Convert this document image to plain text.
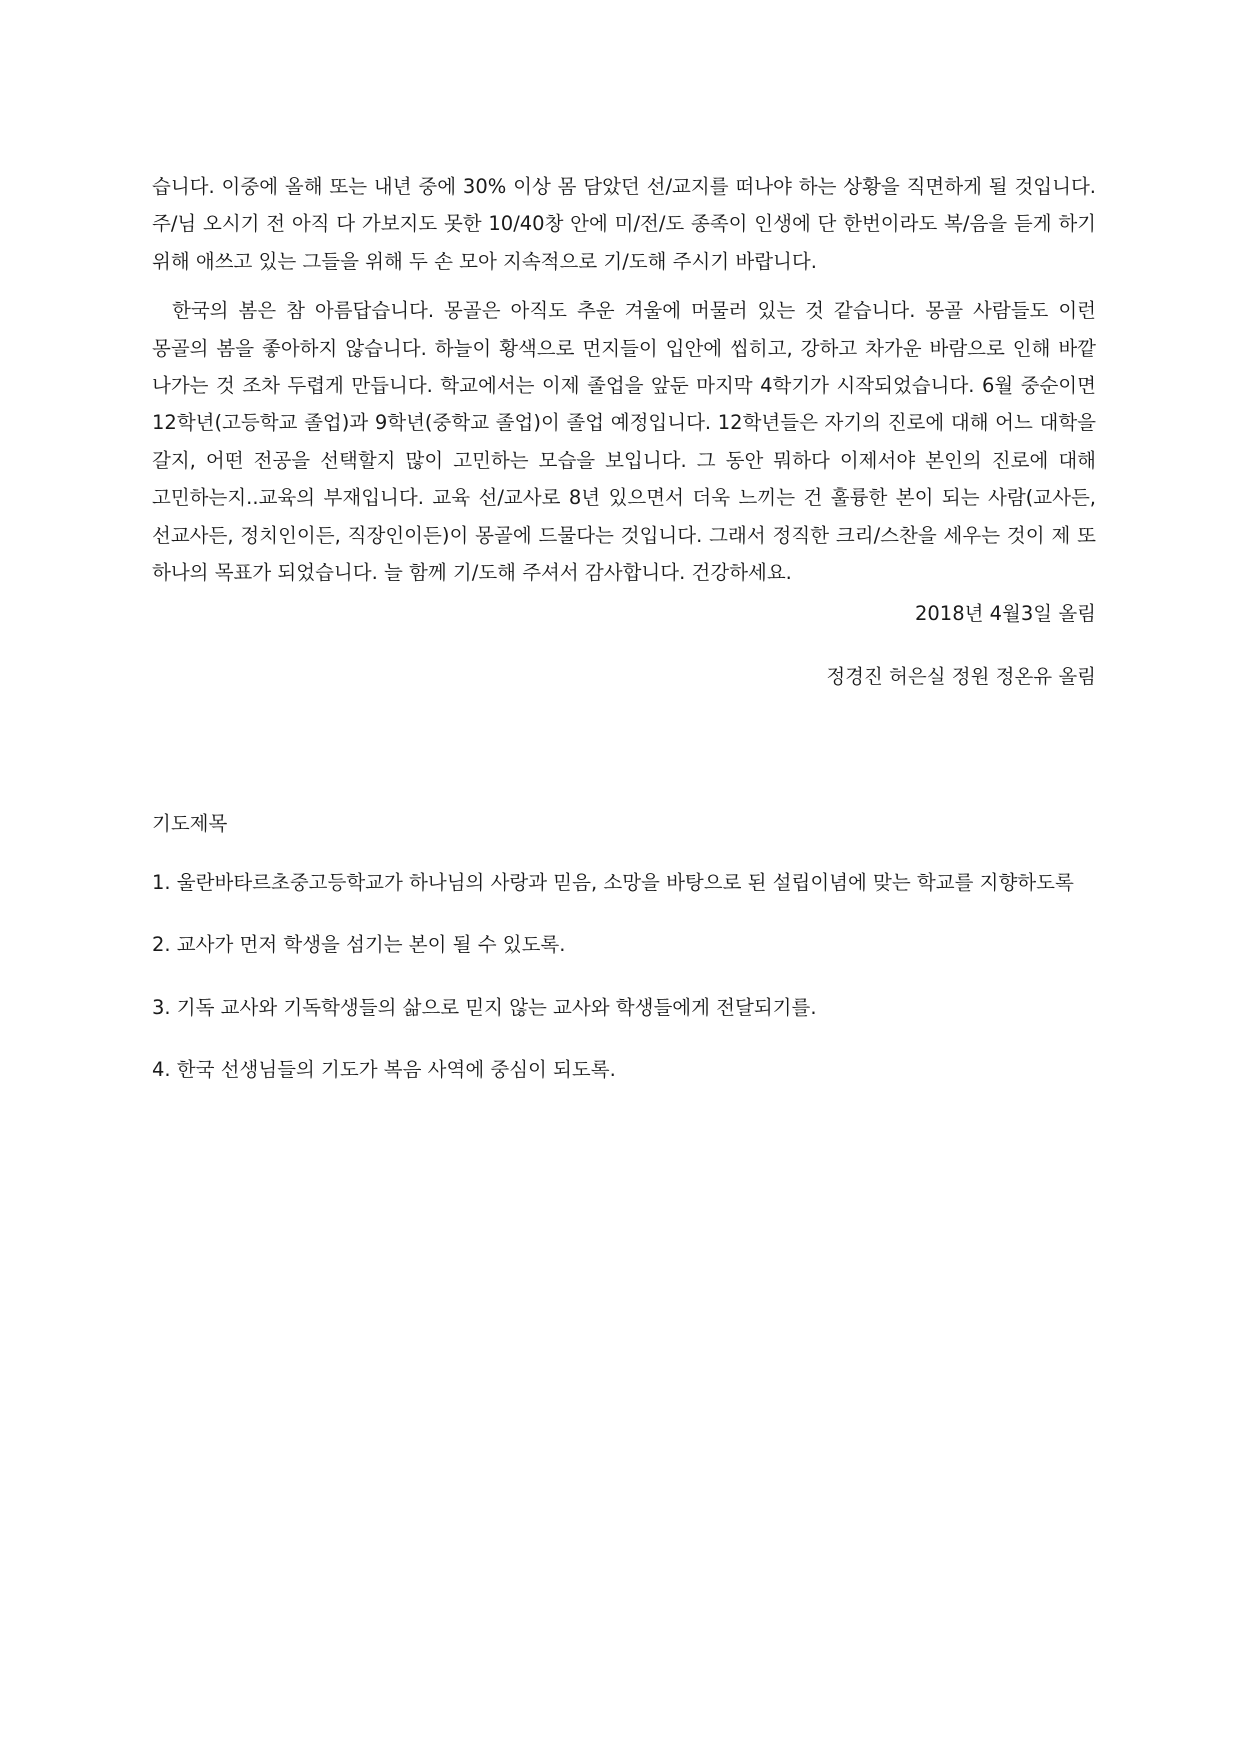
습니다. 이중에 올해 또는 내년 중에 30% 이상 몸 담았던 선/교지를 떠나야 하는 상황을 직면하게 될 것입니다. 주/님 오시기 전 아직 다 가보지도 못한 10/40창 안에 미/전/도 종족이 인생에 단 한번이라도 복/음을 듣게 하기 위해 애쓰고 있는 그들을 위해 두 손 모아 지속적으로 기/도해 주시기 바랍니다.

한국의 봄은 참 아름답습니다. 몽골은 아직도 추운 겨울에 머물러 있는 것 같습니다. 몽골 사람들도 이런 몽골의 봄을 좋아하지 않습니다. 하늘이 황색으로 먼지들이 입안에 씹히고, 강하고 차가운 바람으로 인해 바깥 나가는 것 조차 두렵게 만듭니다. 학교에서는 이제 졸업을 앞둔 마지막 4학기가 시작되었습니다. 6월 중순이면 12학년(고등학교 졸업)과 9학년(중학교 졸업)이 졸업 예정입니다. 12학년들은 자기의 진로에 대해 어느 대학을 갈지, 어떤 전공을 선택할지 많이 고민하는 모습을 보입니다. 그 동안 뭐하다 이제서야 본인의 진로에 대해 고민하는지..교육의 부재입니다. 교육 선/교사로 8년 있으면서 더욱 느끼는 건 훌륭한 본이 되는 사람(교사든, 선교사든, 정치인이든, 직장인이든)이 몽골에 드물다는 것입니다. 그래서 정직한 크리/스찬을 세우는 것이 제 또 하나의 목표가 되었습니다. 늘 함께 기/도해 주셔서 감사합니다. 건강하세요.

2018년 4월3일 올림

정경진 허은실 정원 정온유 올림

기도제목

1. 울란바타르초중고등학교가 하나님의 사랑과 믿음, 소망을 바탕으로 된 설립이념에 맞는 학교를 지향하도록
2. 교사가 먼저 학생을 섬기는 본이 될 수 있도록.
3. 기독 교사와 기독학생들의 삶으로 믿지 않는 교사와 학생들에게 전달되기를.
4. 한국 선생님들의 기도가 복음 사역에 중심이 되도록.
